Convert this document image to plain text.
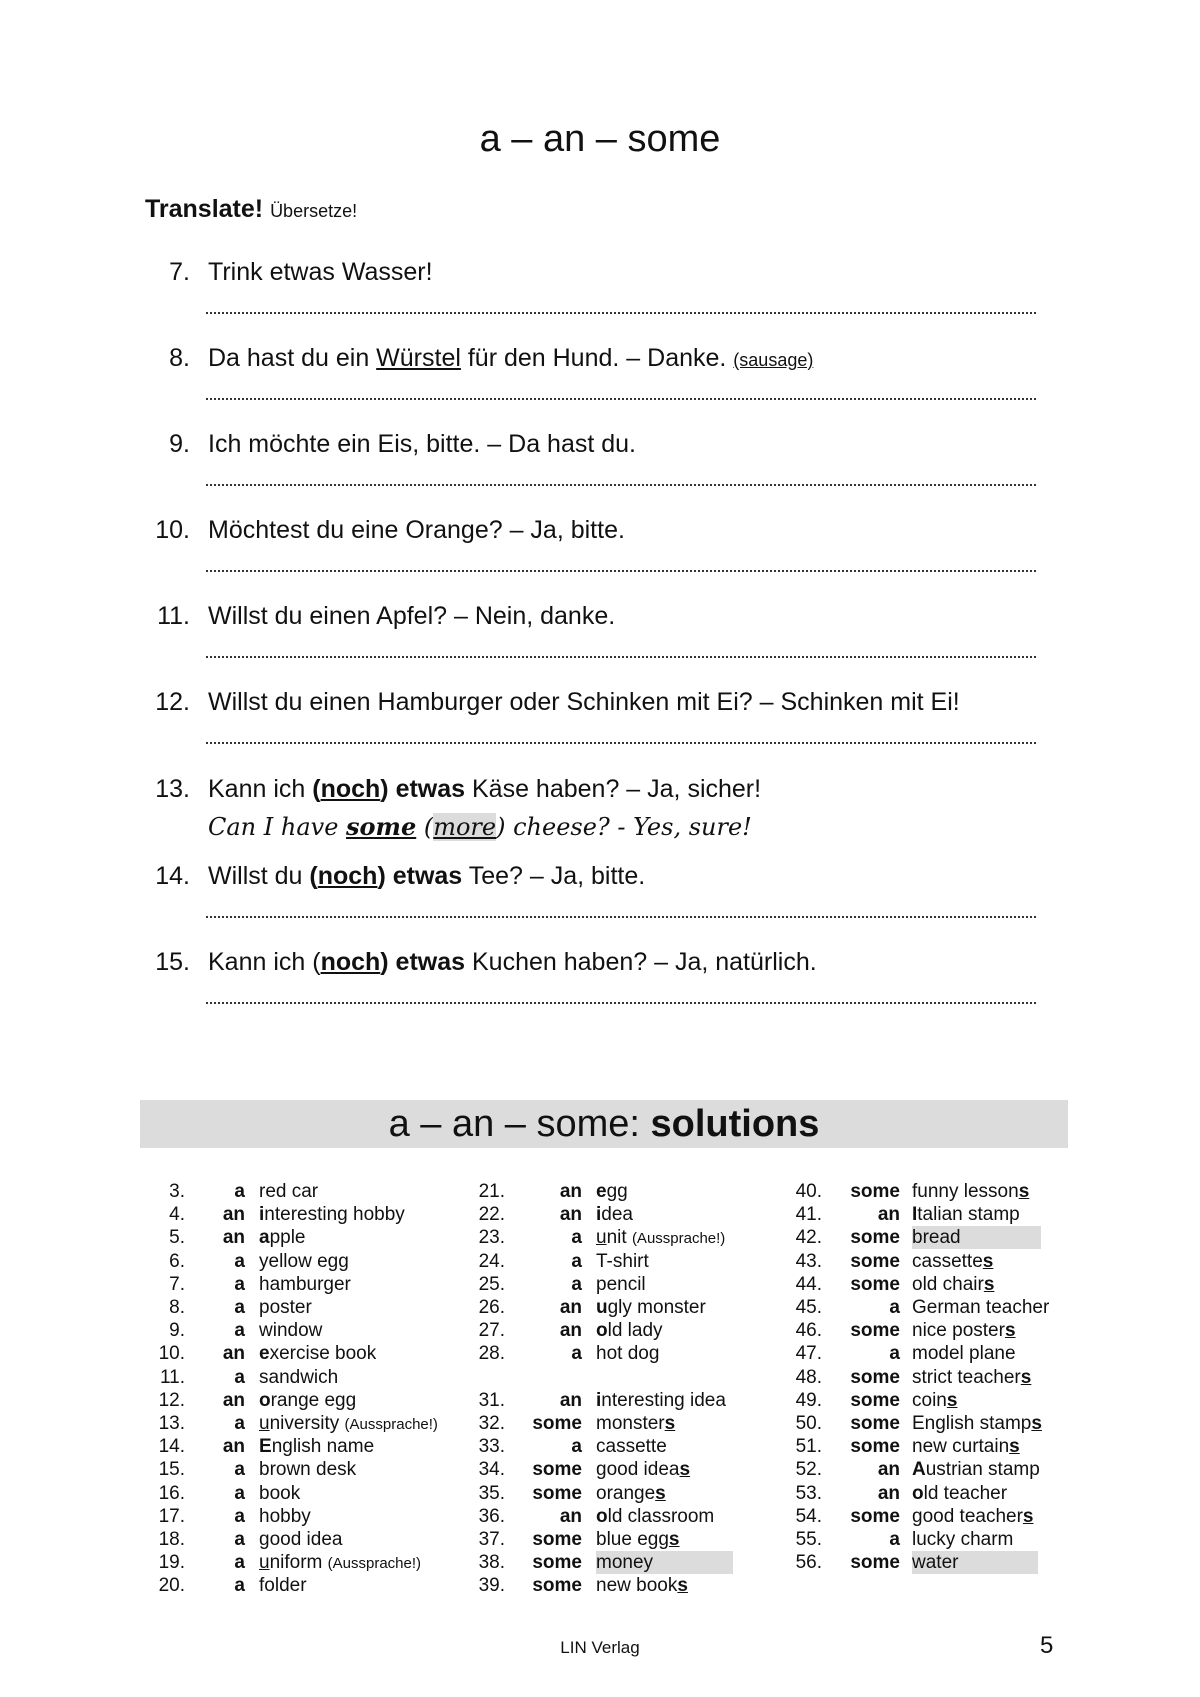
a – an – some
Translate! Übersetze!
7. Trink etwas Wasser!
8. Da hast du ein Würstel für den Hund. – Danke. (sausage)
9. Ich möchte ein Eis, bitte. – Da hast du.
10. Möchtest du eine Orange? – Ja, bitte.
11. Willst du einen Apfel? – Nein, danke.
12. Willst du einen Hamburger oder Schinken mit Ei? – Schinken mit Ei!
13. Kann ich (noch) etwas Käse haben? – Ja, sicher!
14. Willst du (noch) etwas Tee? – Ja, bitte.
15. Kann ich (noch) etwas Kuchen haben? – Ja, natürlich.
Can I have some (more) cheese? - Yes, sure!
a – an – some: solutions
3.	a red car
4.	an interesting hobby
5.	an apple
6.	a yellow egg
7.	a hamburger
8.	a poster
9.	a window
10.	an exercise book
11.	a sandwich
12.	an orange egg
13.	a university (Aussprache!)
14.	an English name
15.	a brown desk
16.	a book
17.	a hobby
18.	a good idea
19.	a uniform (Aussprache!)
20.	a folder
21.	an egg
22.	an idea
23.	a unit (Aussprache!)
24.	a T-shirt
25.	a pencil
26.	an ugly monster
27.	an old lady
28.	a hot dog
31.	an interesting idea
32.	some monsters
33.	a cassette
34.	some good ideas
35.	some oranges
36.	an old classroom
37.	some blue eggs
38.	some money
39.	some new books
40.	some funny lessons
41.	an Italian stamp
42.	some bread
43.	some cassettes
44.	some old chairs
45.	a German teacher
46.	some nice posters
47.	a model plane
48.	some strict teachers
49.	some coins
50.	some English stamps
51.	some new curtains
52.	an Austrian stamp
53.	an old teacher
54.	some good teachers
55.	a lucky charm
56.	some water
LIN Verlag	5
